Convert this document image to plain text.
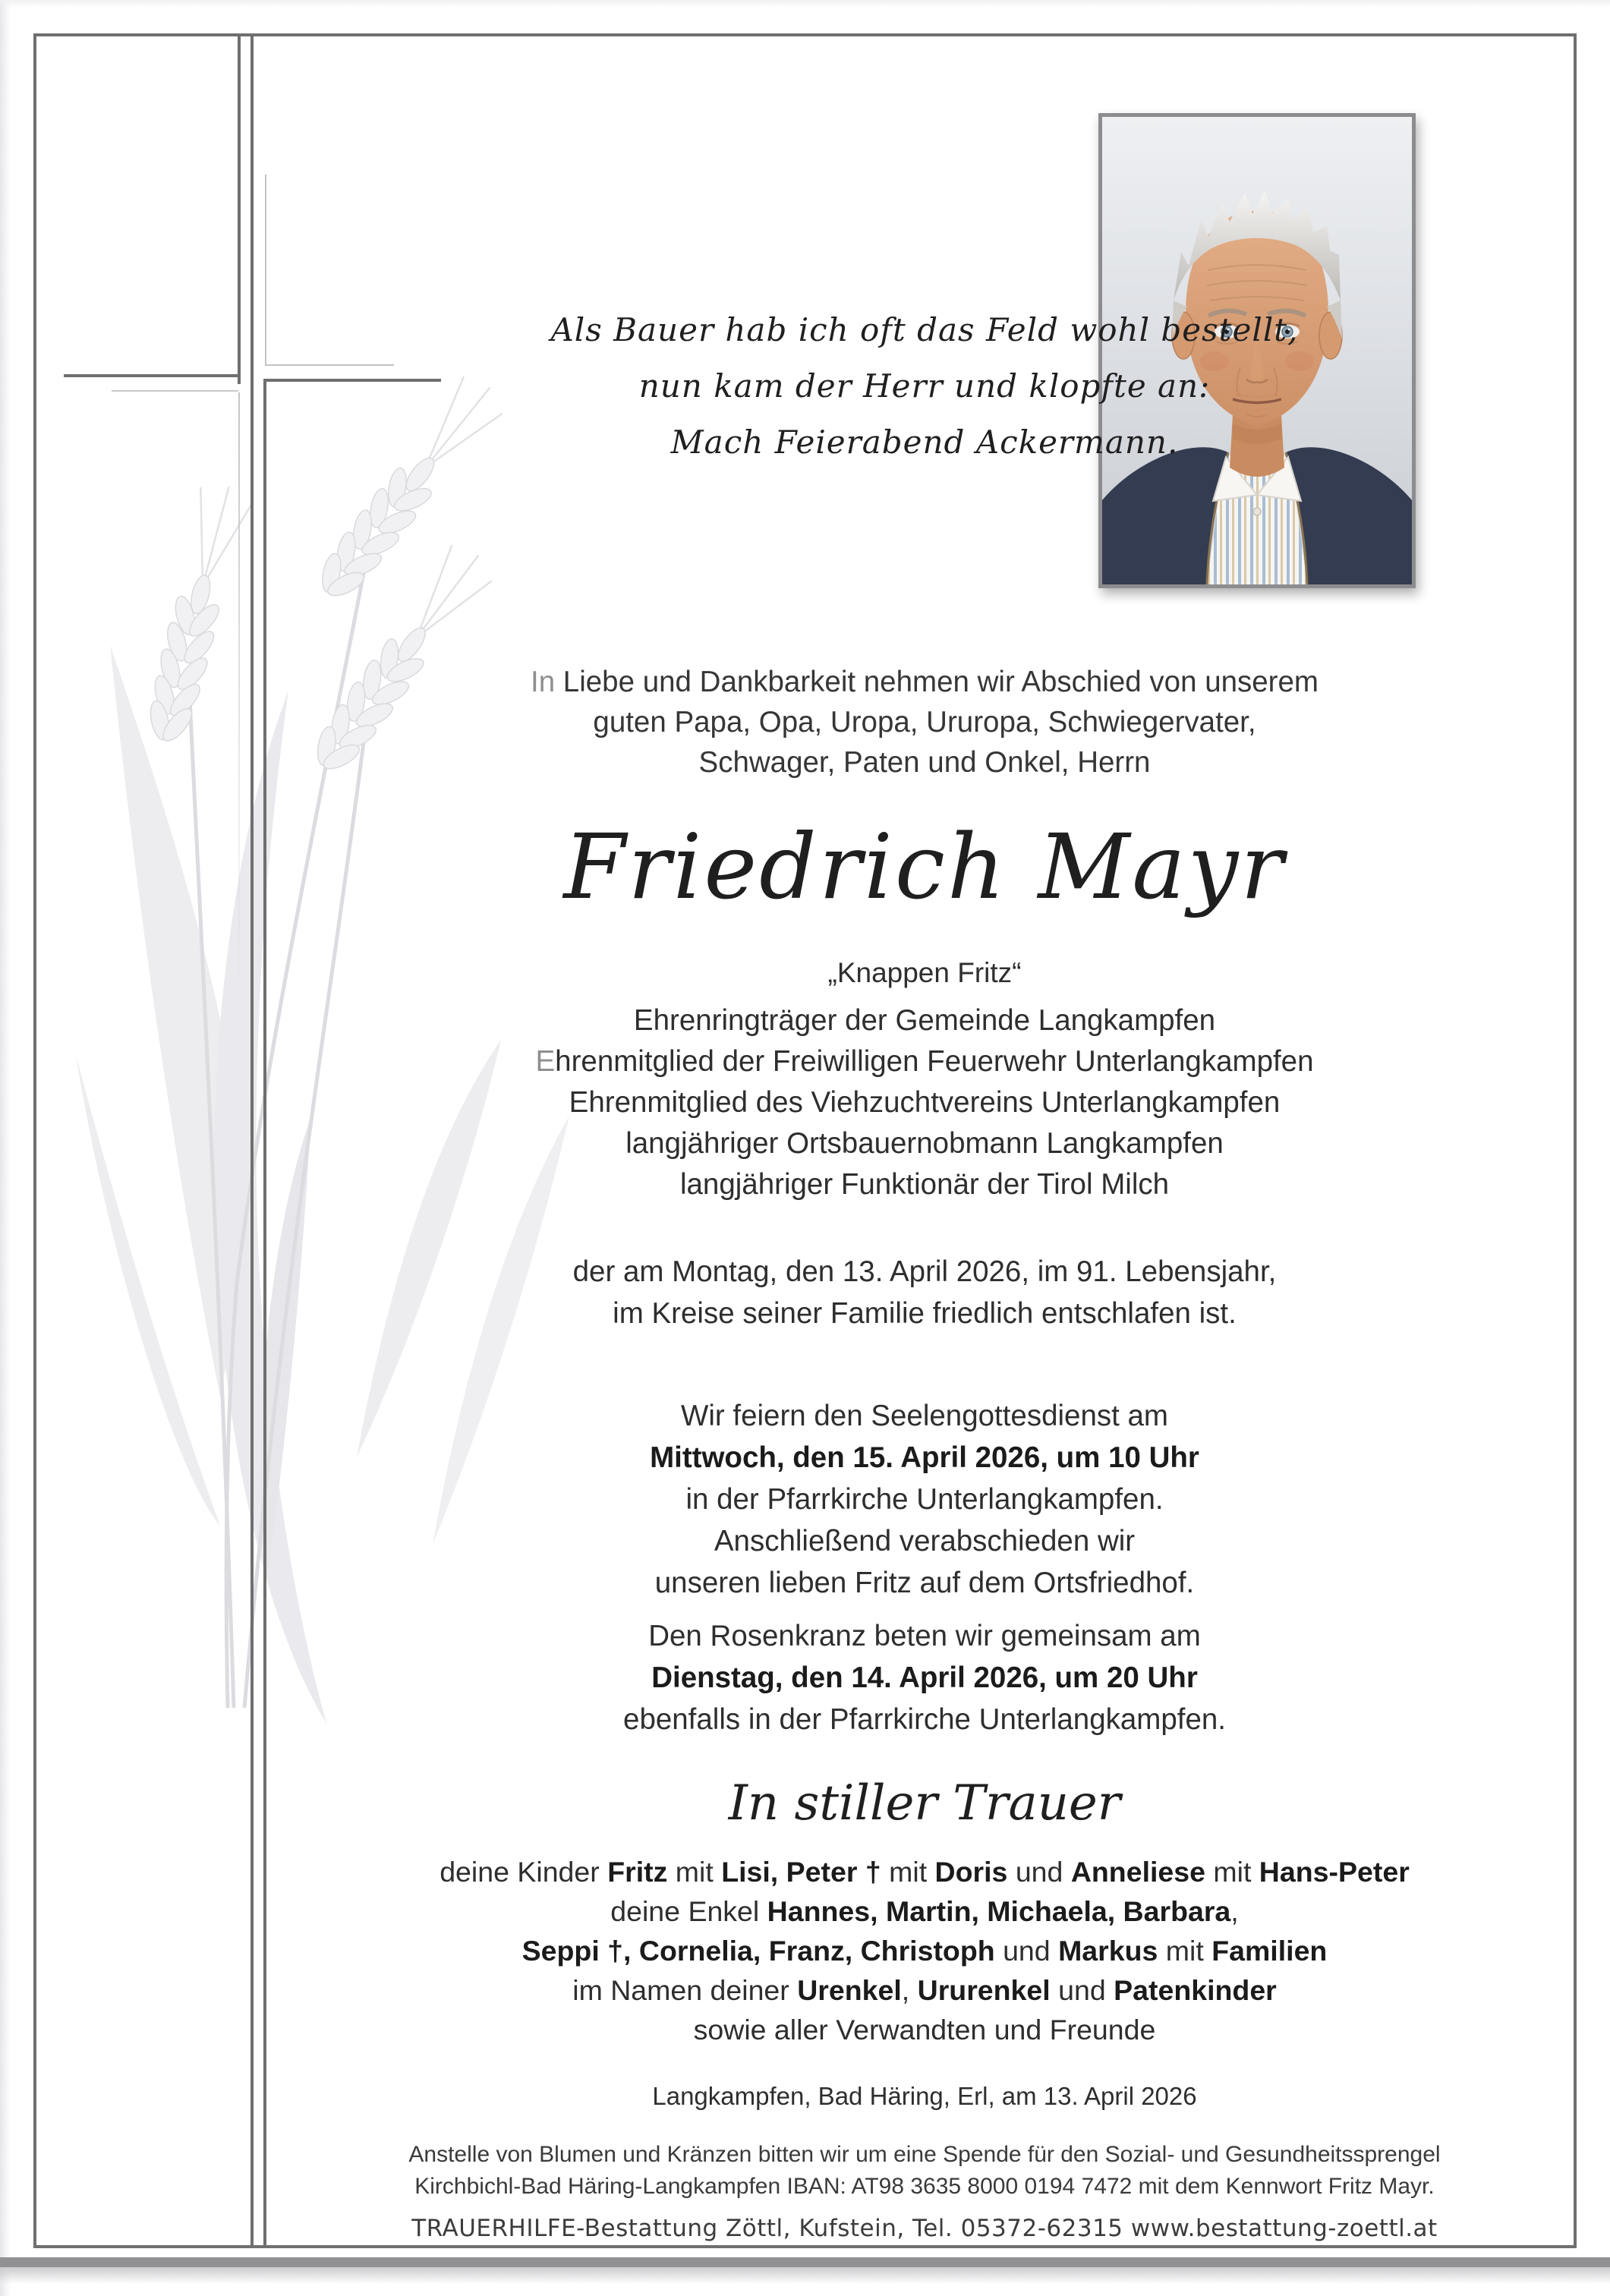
Als Bauer hab ich oft das Feld wohl bestellt,
nun kam der Herr und klopfte an:
Mach Feierabend Ackermann.
In Liebe und Dankbarkeit nehmen wir Abschied von unserem
guten Papa, Opa, Uropa, Ururopa, Schwiegervater,
Schwager, Paten und Onkel, Herrn
Friedrich Mayr
„Knappen Fritz“
Ehrenringträger der Gemeinde Langkampfen
Ehrenmitglied der Freiwilligen Feuerwehr Unterlangkampfen
Ehrenmitglied des Viehzuchtvereins Unterlangkampfen
langjähriger Ortsbauernobmann Langkampfen
langjähriger Funktionär der Tirol Milch
der am Montag, den 13. April 2026, im 91. Lebensjahr,
im Kreise seiner Familie friedlich entschlafen ist.
Wir feiern den Seelengottesdienst am
Mittwoch, den 15. April 2026, um 10 Uhr
in der Pfarrkirche Unterlangkampfen.
Anschließend verabschieden wir
unseren lieben Fritz auf dem Ortsfriedhof.
Den Rosenkranz beten wir gemeinsam am
Dienstag, den 14. April 2026, um 20 Uhr
ebenfalls in der Pfarrkirche Unterlangkampfen.
In stiller Trauer
deine Kinder Fritz mit Lisi, Peter † mit Doris und Anneliese mit Hans-Peter
deine Enkel Hannes, Martin, Michaela, Barbara,
Seppi †, Cornelia, Franz, Christoph und Markus mit Familien
im Namen deiner Urenkel, Ururenkel und Patenkinder
sowie aller Verwandten und Freunde
Langkampfen, Bad Häring, Erl, am 13. April 2026
Anstelle von Blumen und Kränzen bitten wir um eine Spende für den Sozial- und Gesundheitssprengel
Kirchbichl-Bad Häring-Langkampfen IBAN: AT98 3635 8000 0194 7472 mit dem Kennwort Fritz Mayr.
TRAUERHILFE-Bestattung Zöttl, Kufstein, Tel. 05372-62315 www.bestattung-zoettl.at
